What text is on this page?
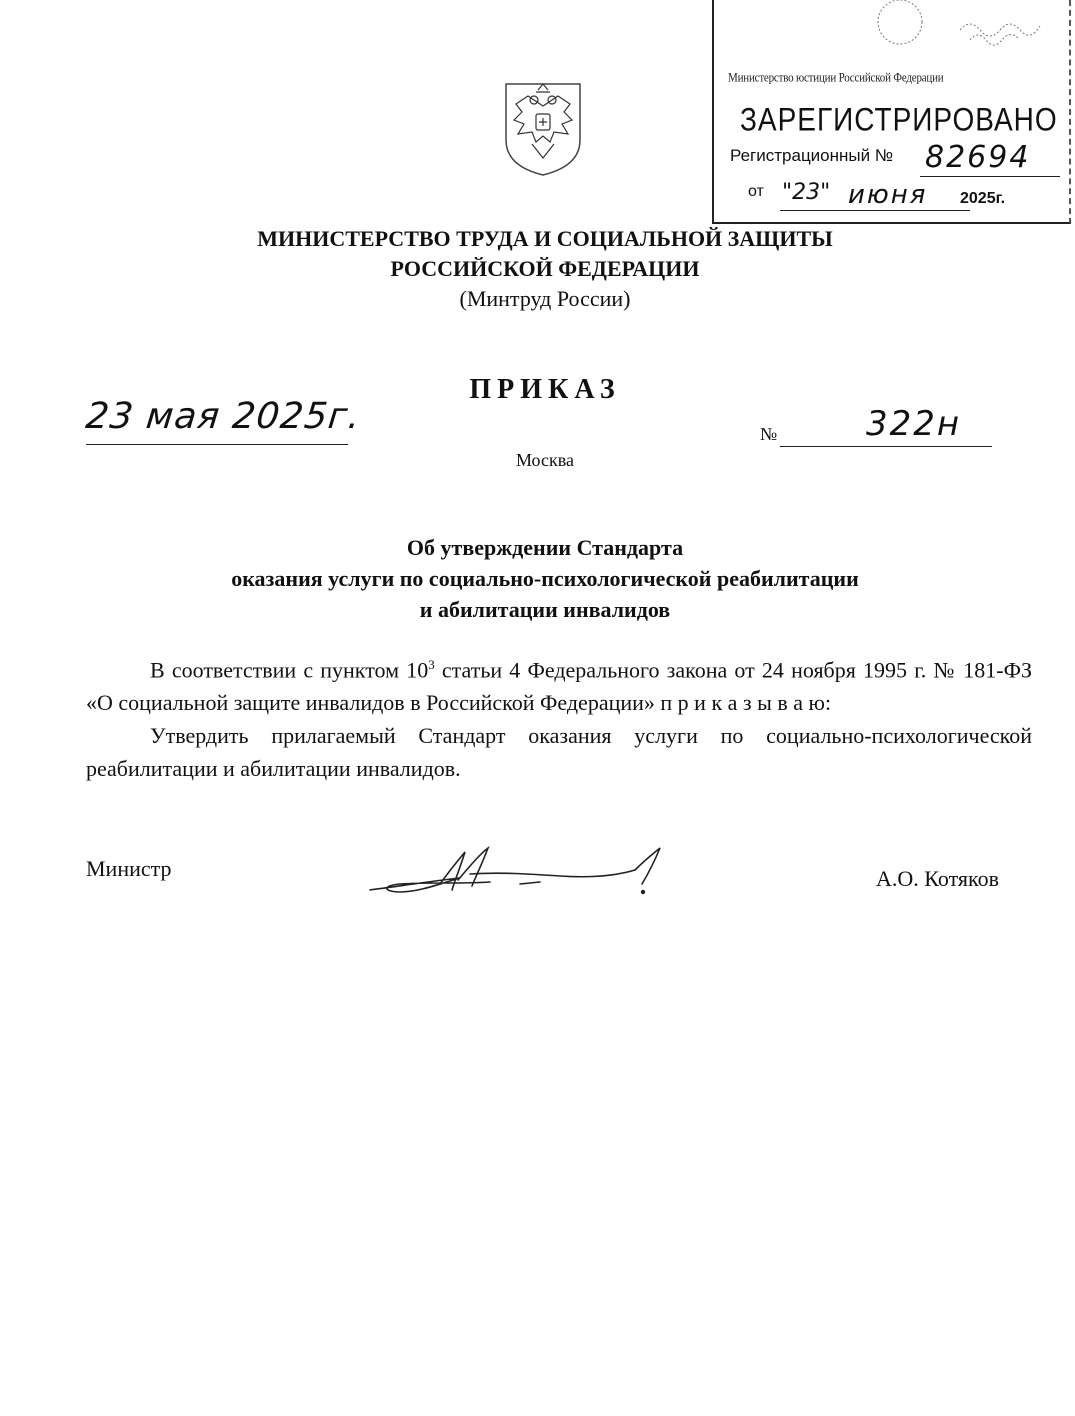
Министерство юстиции Российской Федерации
ЗАРЕГИСТРИРОВАНО
Регистрационный № 82694
от "23" июня 2025г.
МИНИСТЕРСТВО ТРУДА И СОЦИАЛЬНОЙ ЗАЩИТЫ
РОССИЙСКОЙ ФЕДЕРАЦИИ
(Минтруд России)
ПРИКАЗ
23 мая 2025г.	№	322н
Москва
Об утверждении Стандарта
оказания услуги по социально-психологической реабилитации
и абилитации инвалидов

В соответствии с пунктом $10^3$ статьи 4 Федерального закона от 24 ноября 1995 г. № 181-ФЗ «О социальной защите инвалидов в Российской Федерации» п р и к а з ы в а ю:

Утвердить прилагаемый Стандарт оказания услуги по социально-психологической реабилитации и абилитации инвалидов.

Министр	А.О. Котяков
